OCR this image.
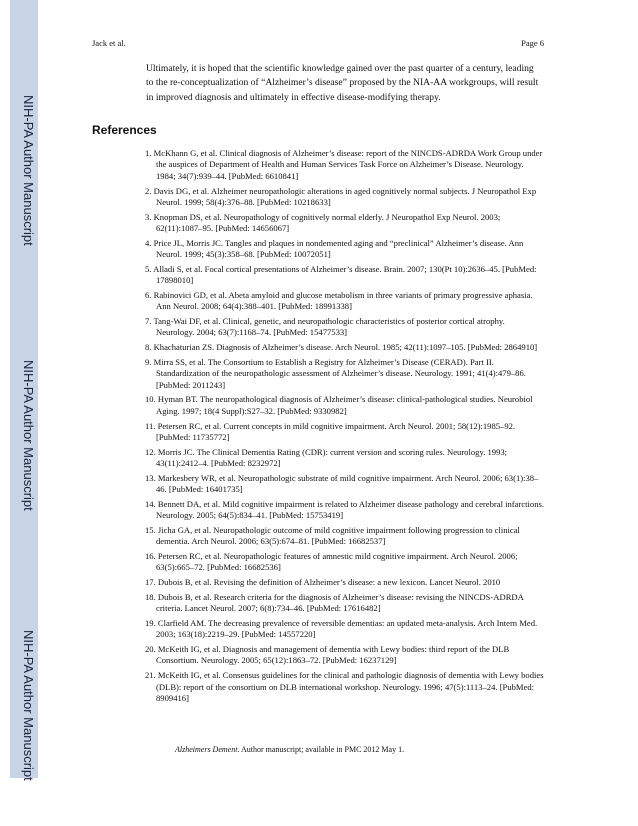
Jack et al.	Page 6

Ultimately, it is hoped that the scientific knowledge gained over the past quarter of a century, leading to the re-conceptualization of “Alzheimer’s disease” proposed by the NIA-AA workgroups, will result in improved diagnosis and ultimately in effective disease-modifying therapy.

References
1. McKhann G, et al. Clinical diagnosis of Alzheimer’s disease: report of the NINCDS-ADRDA Work Group under the auspices of Department of Health and Human Services Task Force on Alzheimer’s Disease. Neurology. 1984; 34(7):939–44. [PubMed: 6610841]
2. Davis DG, et al. Alzheimer neuropathologic alterations in aged cognitively normal subjects. J Neuropathol Exp Neurol. 1999; 58(4):376–88. [PubMed: 10218633]
3. Knopman DS, et al. Neuropathology of cognitively normal elderly. J Neuropathol Exp Neurol. 2003; 62(11):1087–95. [PubMed: 14656067]
4. Price JL, Morris JC. Tangles and plaques in nondemented aging and “preclinical” Alzheimer’s disease. Ann Neurol. 1999; 45(3):358–68. [PubMed: 10072051]
5. Alladi S, et al. Focal cortical presentations of Alzheimer’s disease. Brain. 2007; 130(Pt 10):2636–45. [PubMed: 17898010]
6. Rabinovici GD, et al. Abeta amyloid and glucose metabolism in three variants of primary progressive aphasia. Ann Neurol. 2008; 64(4):388–401. [PubMed: 18991338]
7. Tang-Wai DF, et al. Clinical, genetic, and neuropathologic characteristics of posterior cortical atrophy. Neurology. 2004; 63(7):1168–74. [PubMed: 15477533]
8. Khachaturian ZS. Diagnosis of Alzheimer’s disease. Arch Neurol. 1985; 42(11):1097–105. [PubMed: 2864910]
9. Mirra SS, et al. The Consortium to Establish a Registry for Alzheimer’s Disease (CERAD). Part II. Standardization of the neuropathologic assessment of Alzheimer’s disease. Neurology. 1991; 41(4):479–86. [PubMed: 2011243]
10. Hyman BT. The neuropathological diagnosis of Alzheimer’s disease: clinical-pathological studies. Neurobiol Aging. 1997; 18(4 Suppl):S27–32. [PubMed: 9330982]
11. Petersen RC, et al. Current concepts in mild cognitive impairment. Arch Neurol. 2001; 58(12):1985–92. [PubMed: 11735772]
12. Morris JC. The Clinical Dementia Rating (CDR): current version and scoring rules. Neurology. 1993; 43(11):2412–4. [PubMed: 8232972]
13. Markesbery WR, et al. Neuropathologic substrate of mild cognitive impairment. Arch Neurol. 2006; 63(1):38–46. [PubMed: 16401735]
14. Bennett DA, et al. Mild cognitive impairment is related to Alzheimer disease pathology and cerebral infarctions. Neurology. 2005; 64(5):834–41. [PubMed: 15753419]
15. Jicha GA, et al. Neuropathologic outcome of mild cognitive impairment following progression to clinical dementia. Arch Neurol. 2006; 63(5):674–81. [PubMed: 16682537]
16. Petersen RC, et al. Neuropathologic features of amnestic mild cognitive impairment. Arch Neurol. 2006; 63(5):665–72. [PubMed: 16682536]
17. Dubois B, et al. Revising the definition of Alzheimer’s disease: a new lexicon. Lancet Neurol. 2010
18. Dubois B, et al. Research criteria for the diagnosis of Alzheimer’s disease: revising the NINCDS-ADRDA criteria. Lancet Neurol. 2007; 6(8):734–46. [PubMed: 17616482]
19. Clarfield AM. The decreasing prevalence of reversible dementias: an updated meta-analysis. Arch Intern Med. 2003; 163(18):2219–29. [PubMed: 14557220]
20. McKeith IG, et al. Diagnosis and management of dementia with Lewy bodies: third report of the DLB Consortium. Neurology. 2005; 65(12):1863–72. [PubMed: 16237129]
21. McKeith IG, et al. Consensus guidelines for the clinical and pathologic diagnosis of dementia with Lewy bodies (DLB): report of the consortium on DLB international workshop. Neurology. 1996; 47(5):1113–24. [PubMed: 8909416]
Alzheimers Dement. Author manuscript; available in PMC 2012 May 1.
